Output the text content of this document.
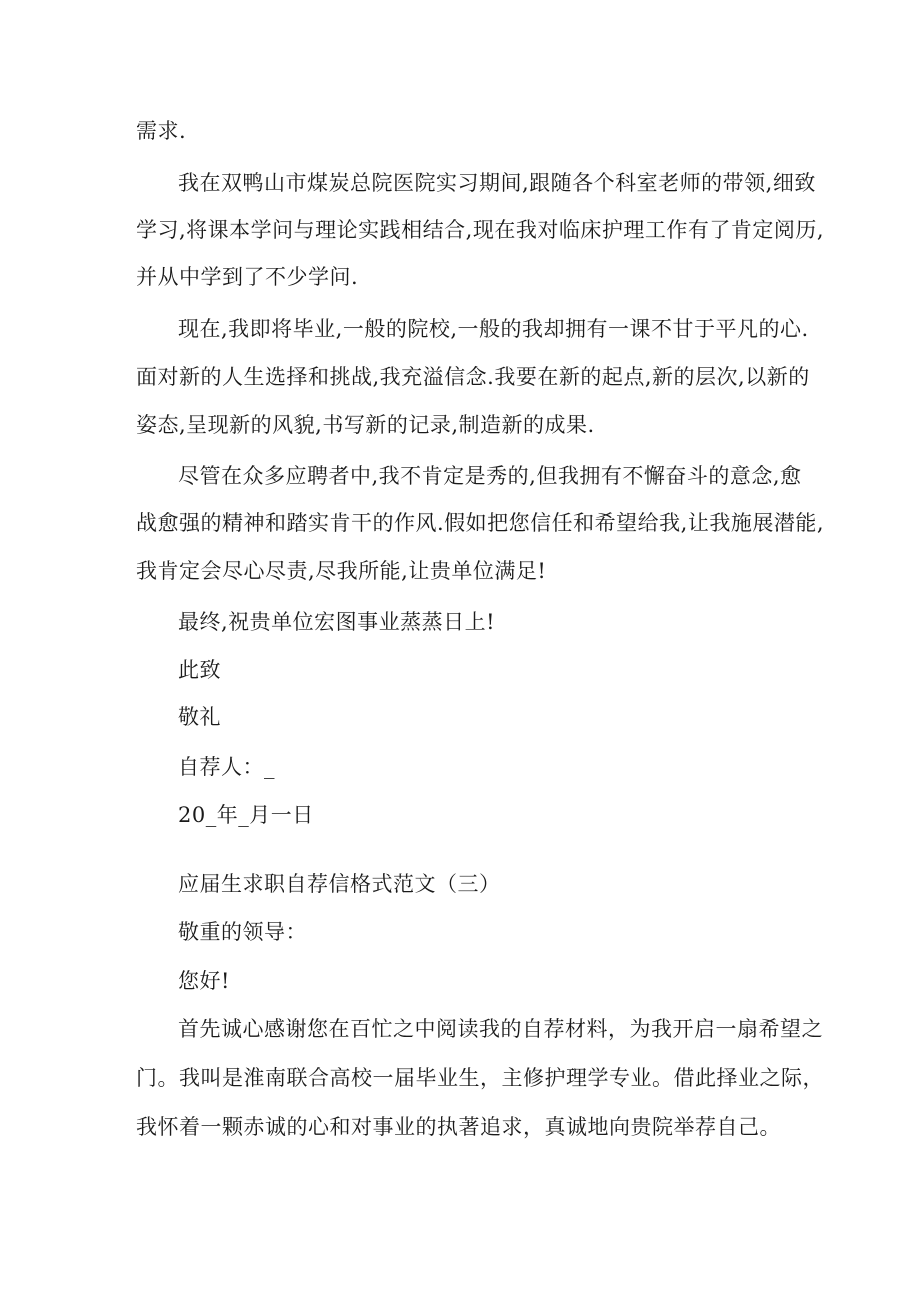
需求.
我在双鸭山市煤炭总院医院实习期间,跟随各个科室老师的带领,细致
学习,将课本学问与理论实践相结合,现在我对临床护理工作有了肯定阅历,
并从中学到了不少学问.
现在,我即将毕业,一般的院校,一般的我却拥有一课不甘于平凡的心.
面对新的人生选择和挑战,我充溢信念.我要在新的起点,新的层次,以新的
姿态,呈现新的风貌,书写新的记录,制造新的成果.
尽管在众多应聘者中,我不肯定是秀的,但我拥有不懈奋斗的意念,愈
战愈强的精神和踏实肯干的作风.假如把您信任和希望给我,让我施展潜能,
我肯定会尽心尽责,尽我所能,让贵单位满足!
最终,祝贵单位宏图事业蒸蒸日上!
此致
敬礼
自荐人：_
20_年_月一日
应届生求职自荐信格式范文（三）
敬重的领导：
您好!
首先诚心感谢您在百忙之中阅读我的自荐材料，为我开启一扇希望之
门。我叫是淮南联合高校一届毕业生，主修护理学专业。借此择业之际，
我怀着一颗赤诚的心和对事业的执著追求，真诚地向贵院举荐自己。
